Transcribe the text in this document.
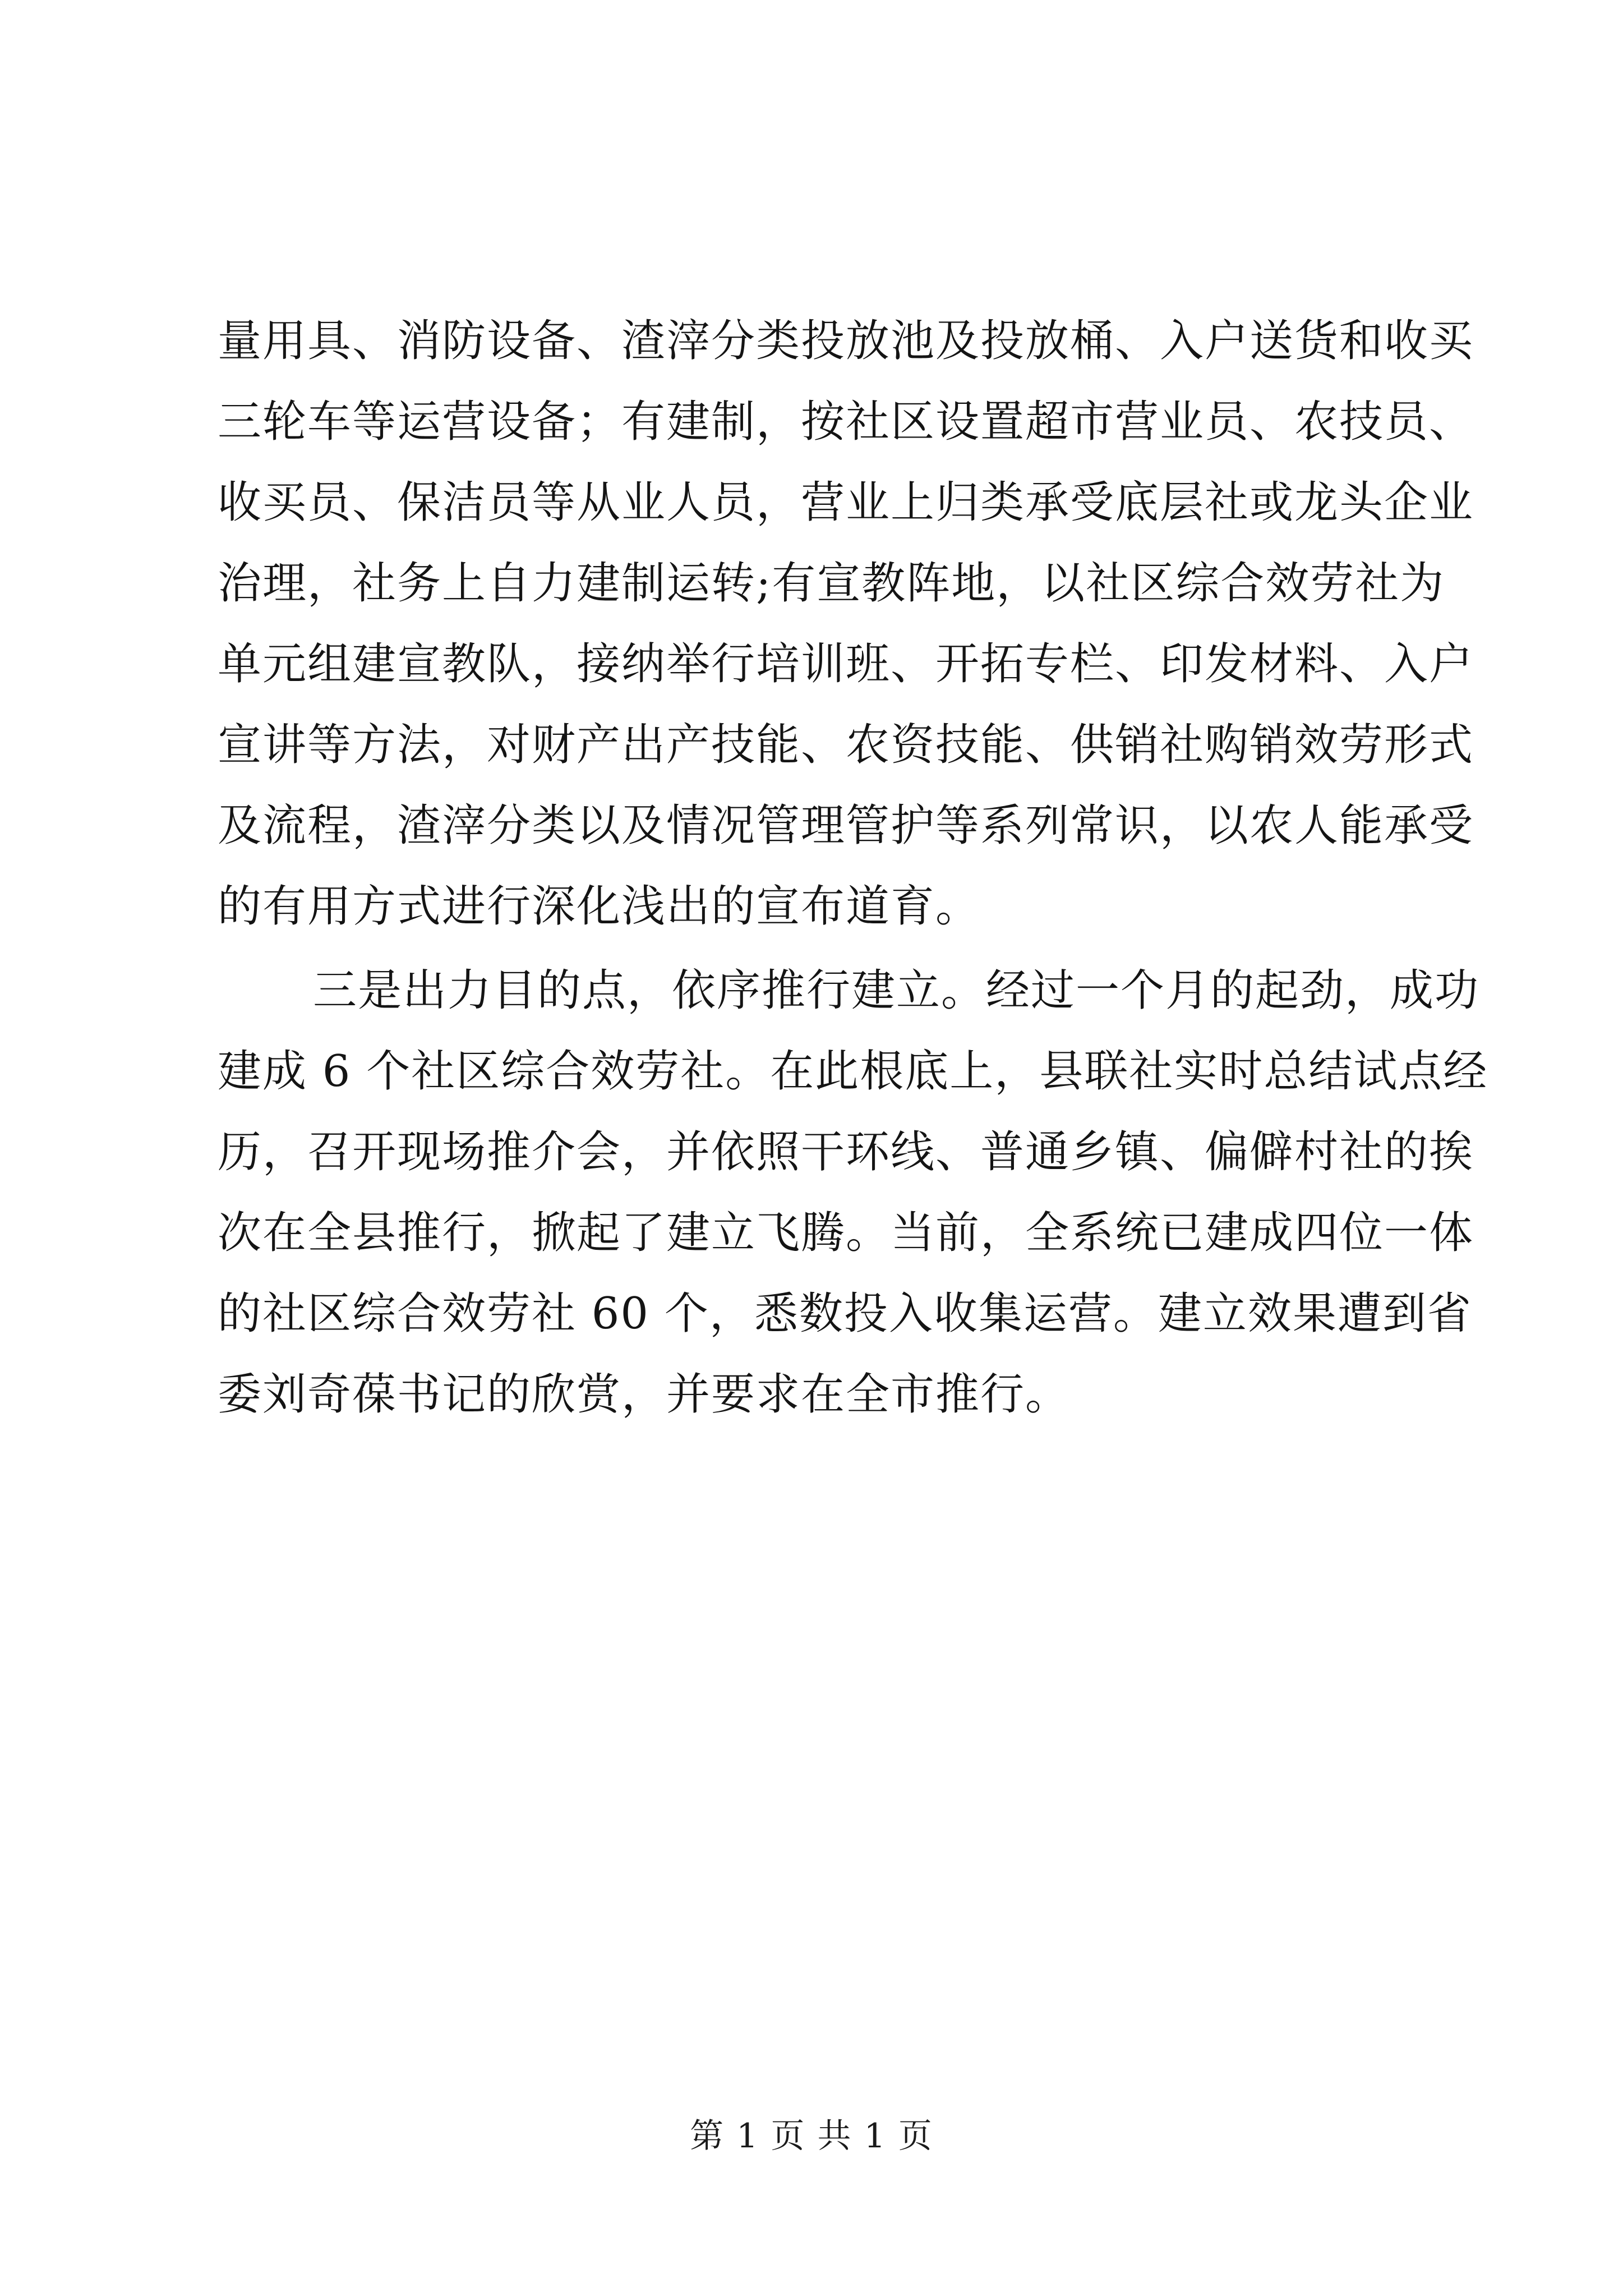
量用具、消防设备、渣滓分类投放池及投放桶、入户送货和收买
三轮车等运营设备；有建制，按社区设置超市营业员、农技员、
收买员、保洁员等从业人员，营业上归类承受底层社或龙头企业
治理，社务上自力建制运转;有宣教阵地，以社区综合效劳社为
单元组建宣教队，接纳举行培训班、开拓专栏、印发材料、入户
宣讲等方法，对财产出产技能、农资技能、供销社购销效劳形式
及流程，渣滓分类以及情况管理管护等系列常识，以农人能承受
的有用方式进行深化浅出的宣布道育。
三是出力目的点，依序推行建立。经过一个月的起劲，成功
建成 6 个社区综合效劳社。在此根底上，县联社实时总结试点经
历，召开现场推介会，并依照干环线、普通乡镇、偏僻村社的挨
次在全县推行，掀起了建立飞腾。当前，全系统已建成四位一体
的社区综合效劳社 60 个，悉数投入收集运营。建立效果遭到省
委刘奇葆书记的欣赏，并要求在全市推行。
第 1 页 共 1 页
